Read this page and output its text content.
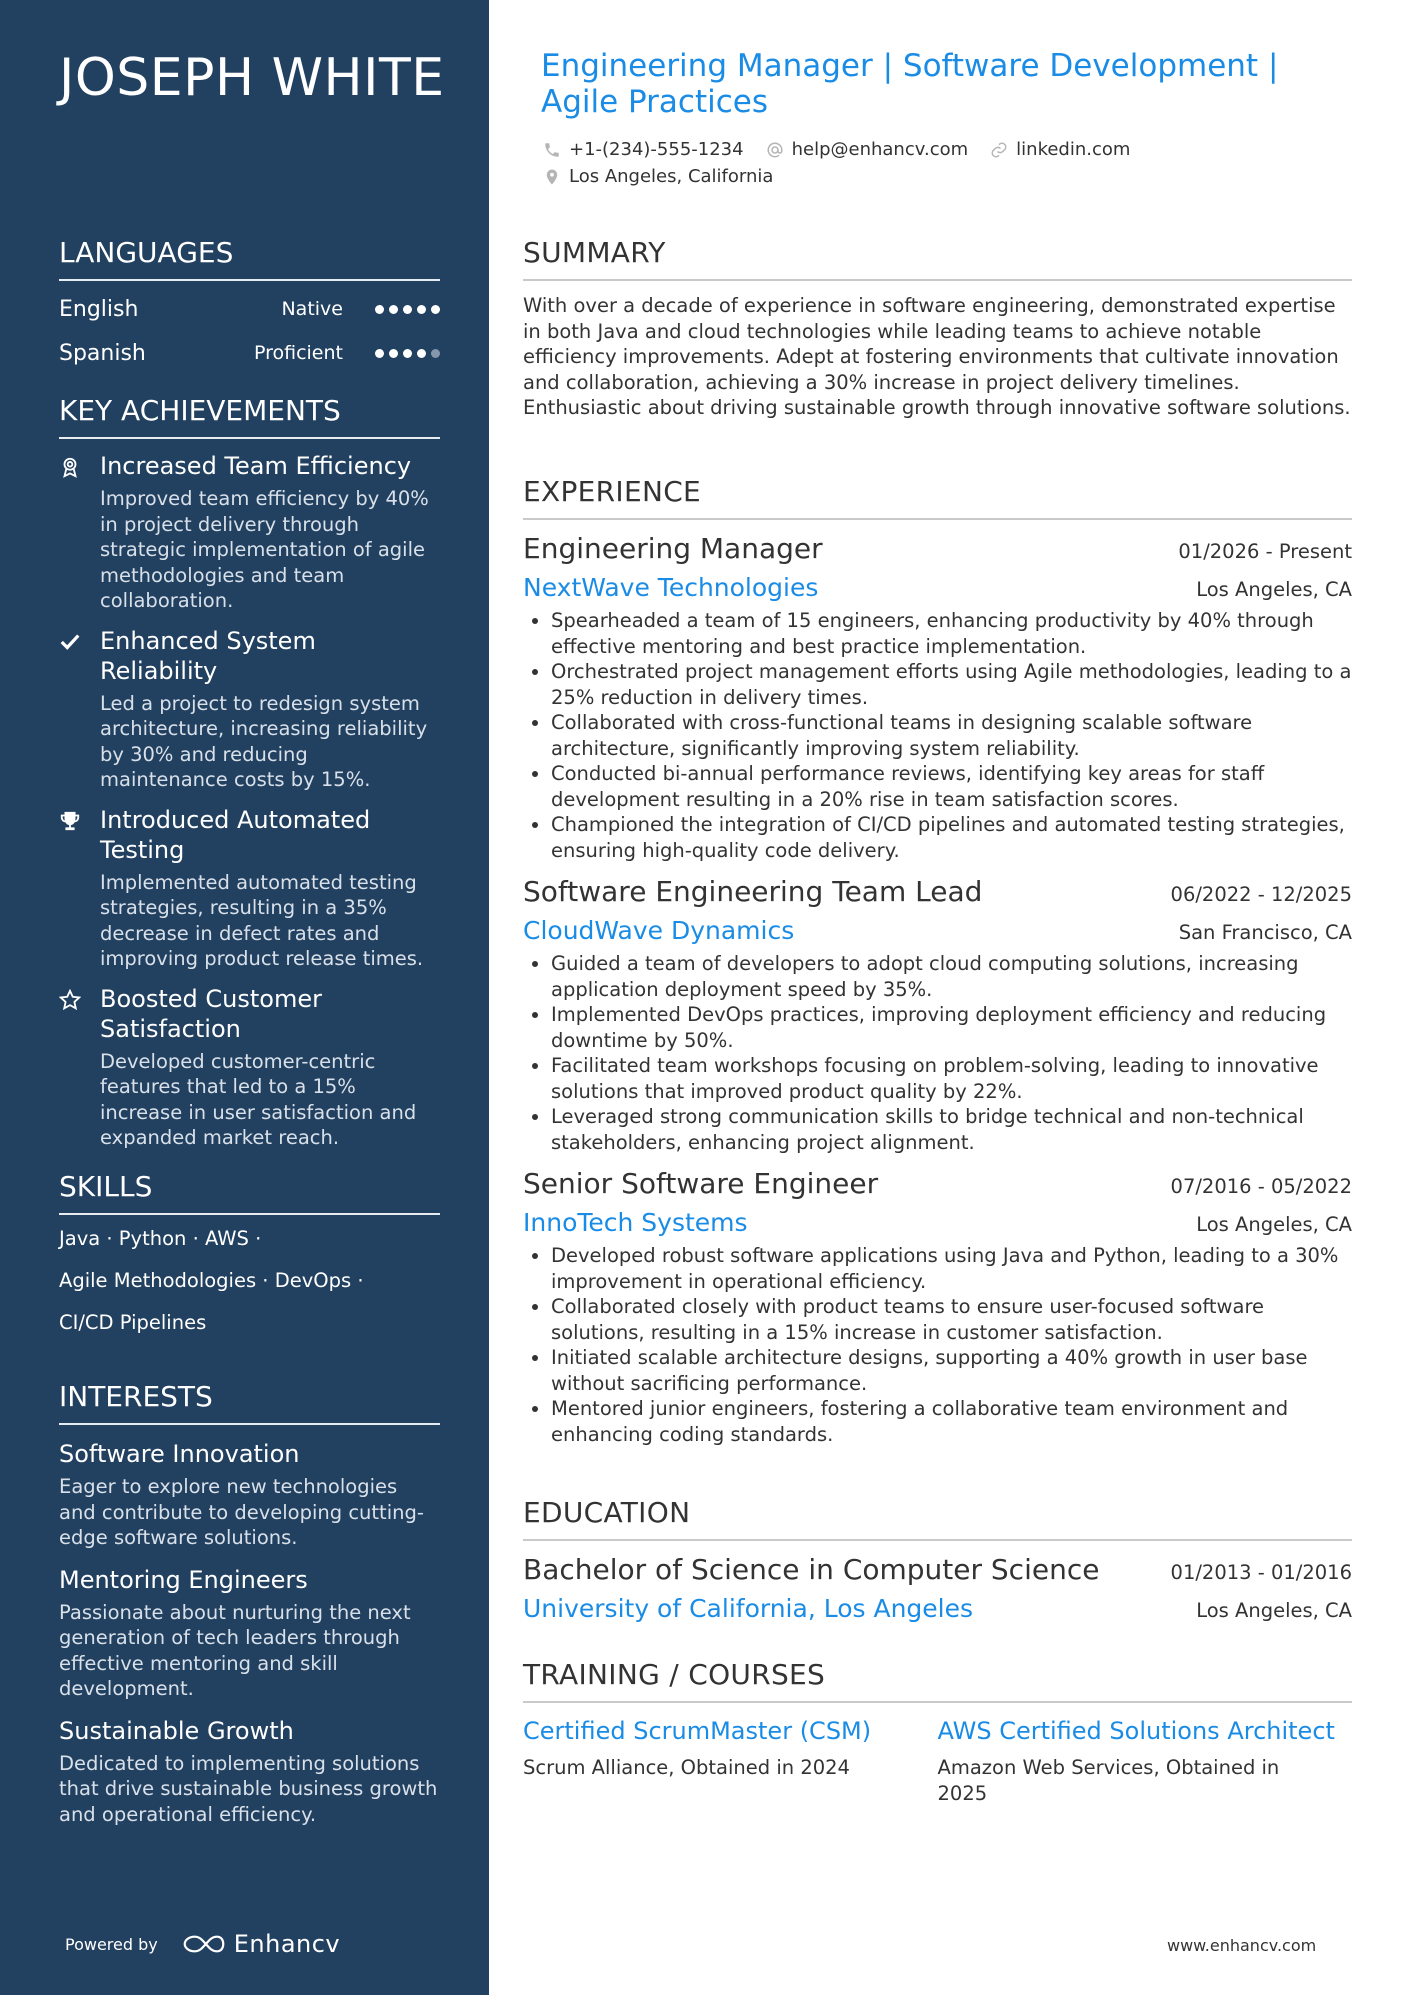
JOSEPH WHITE
LANGUAGES
English	Native
Spanish	Proficient
KEY ACHIEVEMENTS
Increased Team Efficiency
Improved team efficiency by 40% in project delivery through strategic implementation of agile methodologies and team collaboration.
Enhanced System Reliability
Led a project to redesign system architecture, increasing reliability by 30% and reducing maintenance costs by 15%.
Introduced Automated Testing
Implemented automated testing strategies, resulting in a 35% decrease in defect rates and improving product release times.
Boosted Customer Satisfaction
Developed customer-centric features that led to a 15% increase in user satisfaction and expanded market reach.
SKILLS
Java · Python · AWS ·
Agile Methodologies · DevOps ·
CI/CD Pipelines
INTERESTS
Software Innovation
Eager to explore new technologies and contribute to developing cutting-edge software solutions.
Mentoring Engineers
Passionate about nurturing the next generation of tech leaders through effective mentoring and skill development.
Sustainable Growth
Dedicated to implementing solutions that drive sustainable business growth and operational efficiency.
Powered by	Enhancv
Engineering Manager | Software Development | Agile Practices
+1-(234)-555-1234	help@enhancv.com	linkedin.com
Los Angeles, California
SUMMARY
With over a decade of experience in software engineering, demonstrated expertise in both Java and cloud technologies while leading teams to achieve notable efficiency improvements. Adept at fostering environments that cultivate innovation and collaboration, achieving a 30% increase in project delivery timelines. Enthusiastic about driving sustainable growth through innovative software solutions.
EXPERIENCE
Engineering Manager	01/2026 - Present
NextWave Technologies	Los Angeles, CA
• Spearheaded a team of 15 engineers, enhancing productivity by 40% through effective mentoring and best practice implementation.
• Orchestrated project management efforts using Agile methodologies, leading to a 25% reduction in delivery times.
• Collaborated with cross-functional teams in designing scalable software architecture, significantly improving system reliability.
• Conducted bi-annual performance reviews, identifying key areas for staff development resulting in a 20% rise in team satisfaction scores.
• Championed the integration of CI/CD pipelines and automated testing strategies, ensuring high-quality code delivery.
Software Engineering Team Lead	06/2022 - 12/2025
CloudWave Dynamics	San Francisco, CA
• Guided a team of developers to adopt cloud computing solutions, increasing application deployment speed by 35%.
• Implemented DevOps practices, improving deployment efficiency and reducing downtime by 50%.
• Facilitated team workshops focusing on problem-solving, leading to innovative solutions that improved product quality by 22%.
• Leveraged strong communication skills to bridge technical and non-technical stakeholders, enhancing project alignment.
Senior Software Engineer	07/2016 - 05/2022
InnoTech Systems	Los Angeles, CA
• Developed robust software applications using Java and Python, leading to a 30% improvement in operational efficiency.
• Collaborated closely with product teams to ensure user-focused software solutions, resulting in a 15% increase in customer satisfaction.
• Initiated scalable architecture designs, supporting a 40% growth in user base without sacrificing performance.
• Mentored junior engineers, fostering a collaborative team environment and enhancing coding standards.
EDUCATION
Bachelor of Science in Computer Science	01/2013 - 01/2016
University of California, Los Angeles	Los Angeles, CA
TRAINING / COURSES
Certified ScrumMaster (CSM)
Scrum Alliance, Obtained in 2024
AWS Certified Solutions Architect
Amazon Web Services, Obtained in 2025
www.enhancv.com
